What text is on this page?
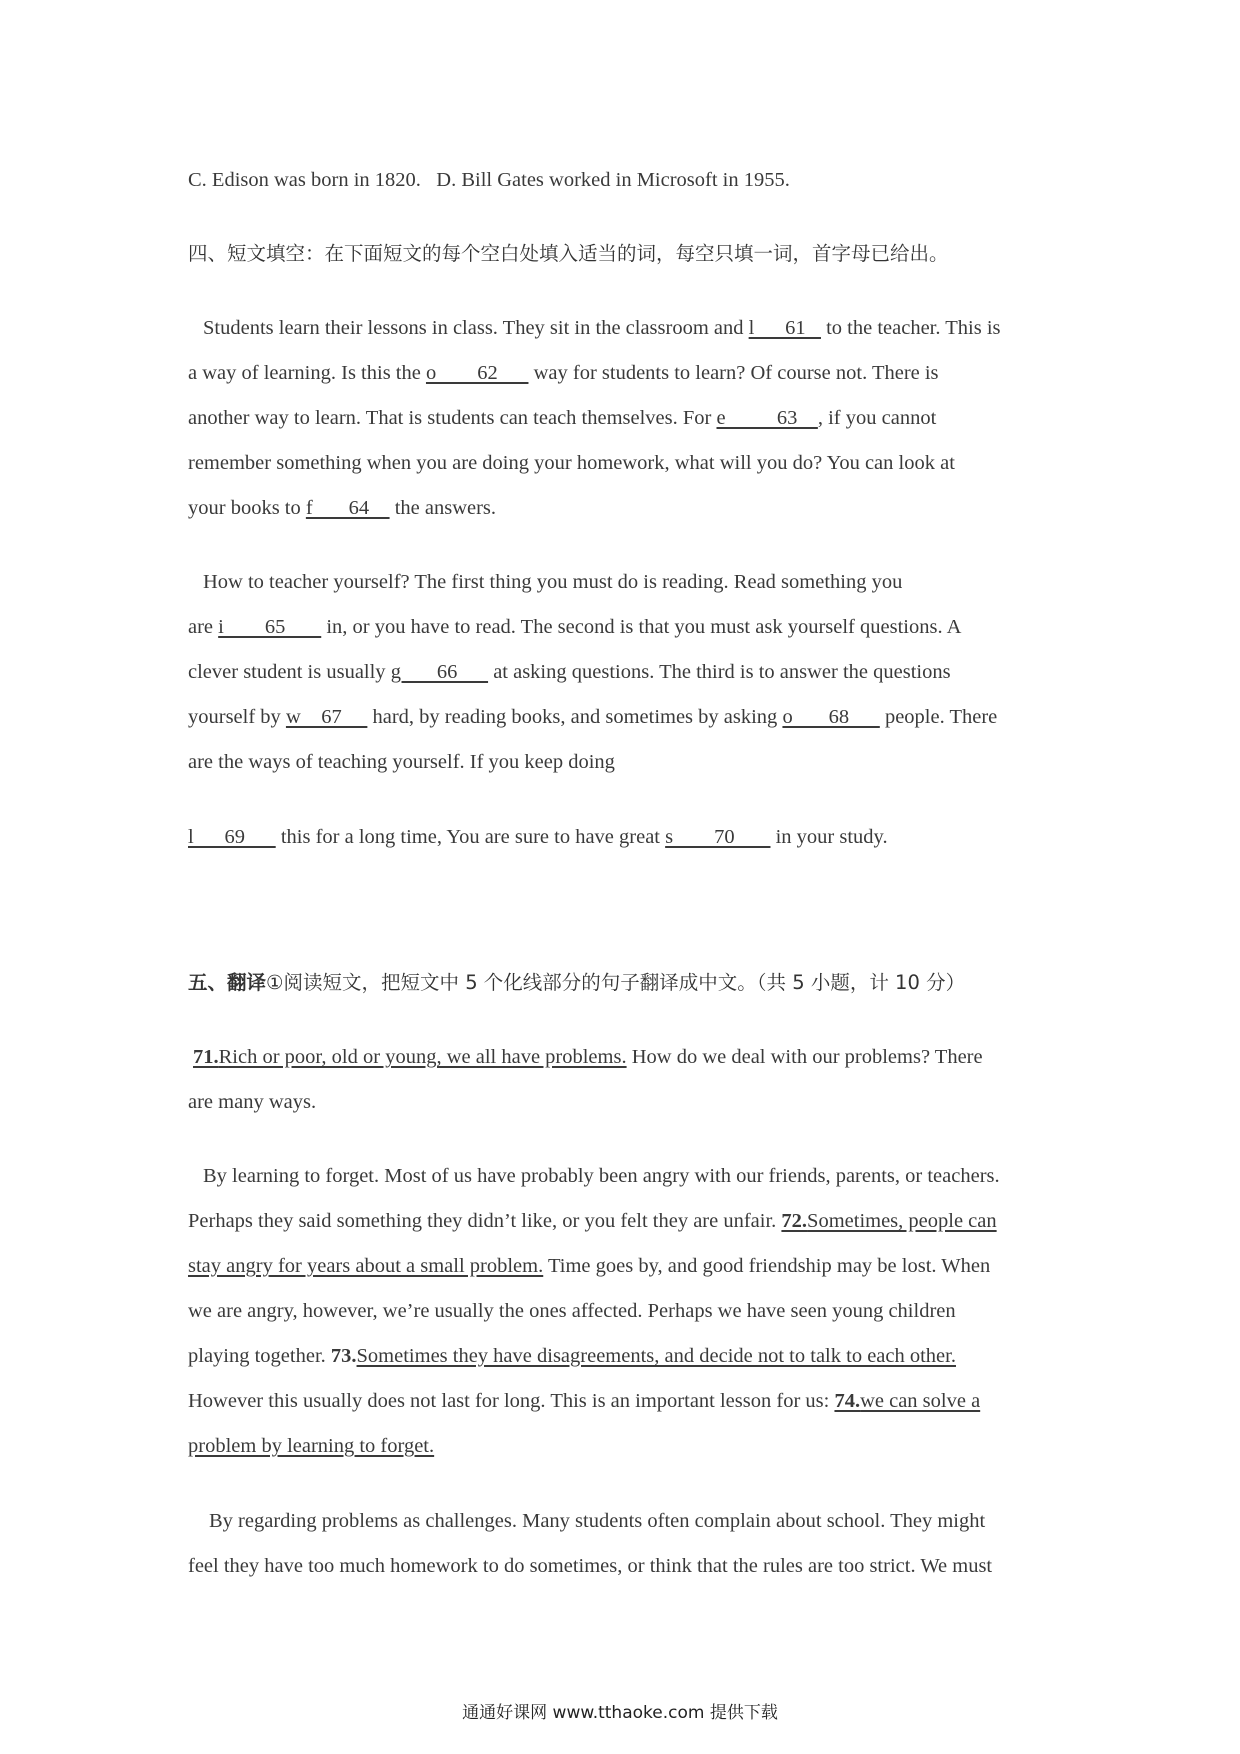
C. Edison was born in 1820. D. Bill Gates worked in Microsoft in 1955.
四、短文填空：在下面短文的每个空白处填入适当的词，每空只填一词，首字母已给出。
Students learn their lessons in class. They sit in the classroom and l      61    to the teacher. This is
a way of learning. Is this the o        62       way for students to learn? Of course not. There is
another way to learn. That is students can teach themselves. For e          63    , if you cannot
remember something when you are doing your homework, what will you do? You can look at
your books to f       64     the answers.
How to teacher yourself? The first thing you must do is reading. Read something you
are i        65        in, or you have to read. The second is that you must ask yourself questions. A
clever student is usually g       66       at asking questions. The third is to answer the questions
yourself by w    67      hard, by reading books, and sometimes by asking o       68       people. There
are the ways of teaching yourself. If you keep doing
l      69       this for a long time, You are sure to have great s        70        in your study.
五、翻译①阅读短文，把短文中 5 个化线部分的句子翻译成中文。（共 5 小题，计 10 分）
71.Rich or poor, old or young, we all have problems. How do we deal with our problems? There
are many ways.
By learning to forget. Most of us have probably been angry with our friends, parents, or teachers.
Perhaps they said something they didn’t like, or you felt they are unfair. 72.Sometimes, people can
stay angry for years about a small problem. Time goes by, and good friendship may be lost. When
we are angry, however, we’re usually the ones affected. Perhaps we have seen young children
playing together. 73.Sometimes they have disagreements, and decide not to talk to each other.
However this usually does not last for long. This is an important lesson for us: 74.we can solve a
problem by learning to forget.
By regarding problems as challenges. Many students often complain about school. They might
feel they have too much homework to do sometimes, or think that the rules are too strict. We must
通通好课网 www.tthaoke.com 提供下载
